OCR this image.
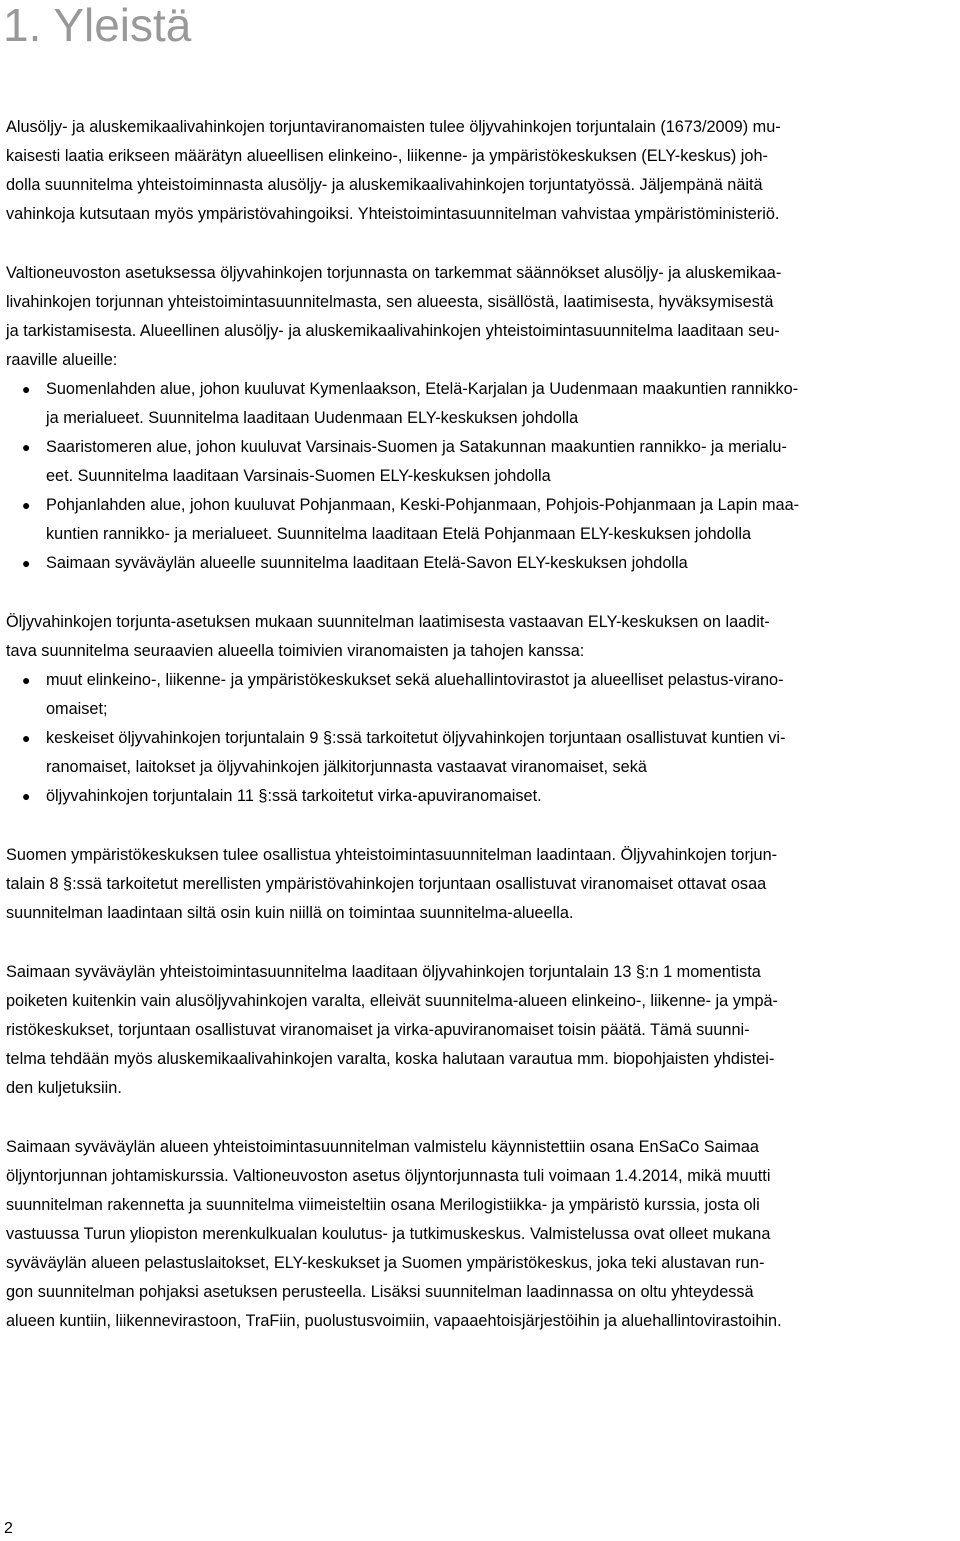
1. Yleistä

Alusöljy- ja aluskemikaalivahinkojen torjuntaviranomaisten tulee öljyvahinkojen torjuntalain (1673/2009) mu-
kaisesti laatia erikseen määrätyn alueellisen elinkeino-, liikenne- ja ympäristökeskuksen (ELY-keskus) joh-
dolla suunnitelma yhteistoiminnasta alusöljy- ja aluskemikaalivahinkojen torjuntatyössä. Jäljempänä näitä
vahinkoja kutsutaan myös ympäristövahingoiksi. Yhteistoimintasuunnitelman vahvistaa ympäristöministeriö.

Valtioneuvoston asetuksessa öljyvahinkojen torjunnasta on tarkemmat säännökset alusöljy- ja aluskemikaa-
livahinkojen torjunnan yhteistoimintasuunnitelmasta, sen alueesta, sisällöstä, laatimisesta, hyväksymisestä
ja tarkistamisesta. Alueellinen alusöljy- ja aluskemikaalivahinkojen yhteistoimintasuunnitelma laaditaan seu-
raaville alueille:
● Suomenlahden alue, johon kuuluvat Kymenlaakson, Etelä-Karjalan ja Uudenmaan maakuntien rannikko-
ja merialueet. Suunnitelma laaditaan Uudenmaan ELY-keskuksen johdolla
● Saaristomeren alue, johon kuuluvat Varsinais-Suomen ja Satakunnan maakuntien rannikko- ja merialu-
eet. Suunnitelma laaditaan Varsinais-Suomen ELY-keskuksen johdolla
● Pohjanlahden alue, johon kuuluvat Pohjanmaan, Keski-Pohjanmaan, Pohjois-Pohjanmaan ja Lapin maa-
kuntien rannikko- ja merialueet. Suunnitelma laaditaan Etelä Pohjanmaan ELY-keskuksen johdolla
● Saimaan syväväylän alueelle suunnitelma laaditaan Etelä-Savon ELY-keskuksen johdolla
Öljyvahinkojen torjunta-asetuksen mukaan suunnitelman laatimisesta vastaavan ELY-keskuksen on laadit-
tava suunnitelma seuraavien alueella toimivien viranomaisten ja tahojen kanssa:
● muut elinkeino-, liikenne- ja ympäristökeskukset sekä aluehallintovirastot ja alueelliset pelastus-virano-
omaiset;
● keskeiset öljyvahinkojen torjuntalain 9 §:ssä tarkoitetut öljyvahinkojen torjuntaan osallistuvat kuntien vi-
ranomaiset, laitokset ja öljyvahinkojen jälkitorjunnasta vastaavat viranomaiset, sekä
● öljyvahinkojen torjuntalain 11 §:ssä tarkoitetut virka-apuviranomaiset.
Suomen ympäristökeskuksen tulee osallistua yhteistoimintasuunnitelman laadintaan. Öljyvahinkojen torjun-
talain 8 §:ssä tarkoitetut merellisten ympäristövahinkojen torjuntaan osallistuvat viranomaiset ottavat osaa
suunnitelman laadintaan siltä osin kuin niillä on toimintaa suunnitelma-alueella.
Saimaan syväväylän yhteistoimintasuunnitelma laaditaan öljyvahinkojen torjuntalain 13 §:n 1 momentista
poiketen kuitenkin vain alusöljyvahinkojen varalta, elleivät suunnitelma-alueen elinkeino-, liikenne- ja ympä-
ristökeskukset, torjuntaan osallistuvat viranomaiset ja virka-apuviranomaiset toisin päätä. Tämä suunni-
telma tehdään myös aluskemikaalivahinkojen varalta, koska halutaan varautua mm. biopohjaisten yhdistei-
den kuljetuksiin.
Saimaan syväväylän alueen yhteistoimintasuunnitelman valmistelu käynnistettiin osana EnSaCo Saimaa
öljyntorjunnan johtamiskurssia. Valtioneuvoston asetus öljyntorjunnasta tuli voimaan 1.4.2014, mikä muutti
suunnitelman rakennetta ja suunnitelma viimeisteltiin osana Merilogistiikka- ja ympäristö kurssia, josta oli
vastuussa Turun yliopiston merenkulkualan koulutus- ja tutkimuskeskus. Valmistelussa ovat olleet mukana
syväväylän alueen pelastuslaitokset, ELY-keskukset ja Suomen ympäristökeskus, joka teki alustavan run-
gon suunnitelman pohjaksi asetuksen perusteella. Lisäksi suunnitelman laadinnassa on oltu yhteydessä
alueen kuntiin, liikennevirastoon, TraFiin, puolustusvoimiin, vapaaehtoisjärjestöihin ja aluehallintovirastoihin.
2
